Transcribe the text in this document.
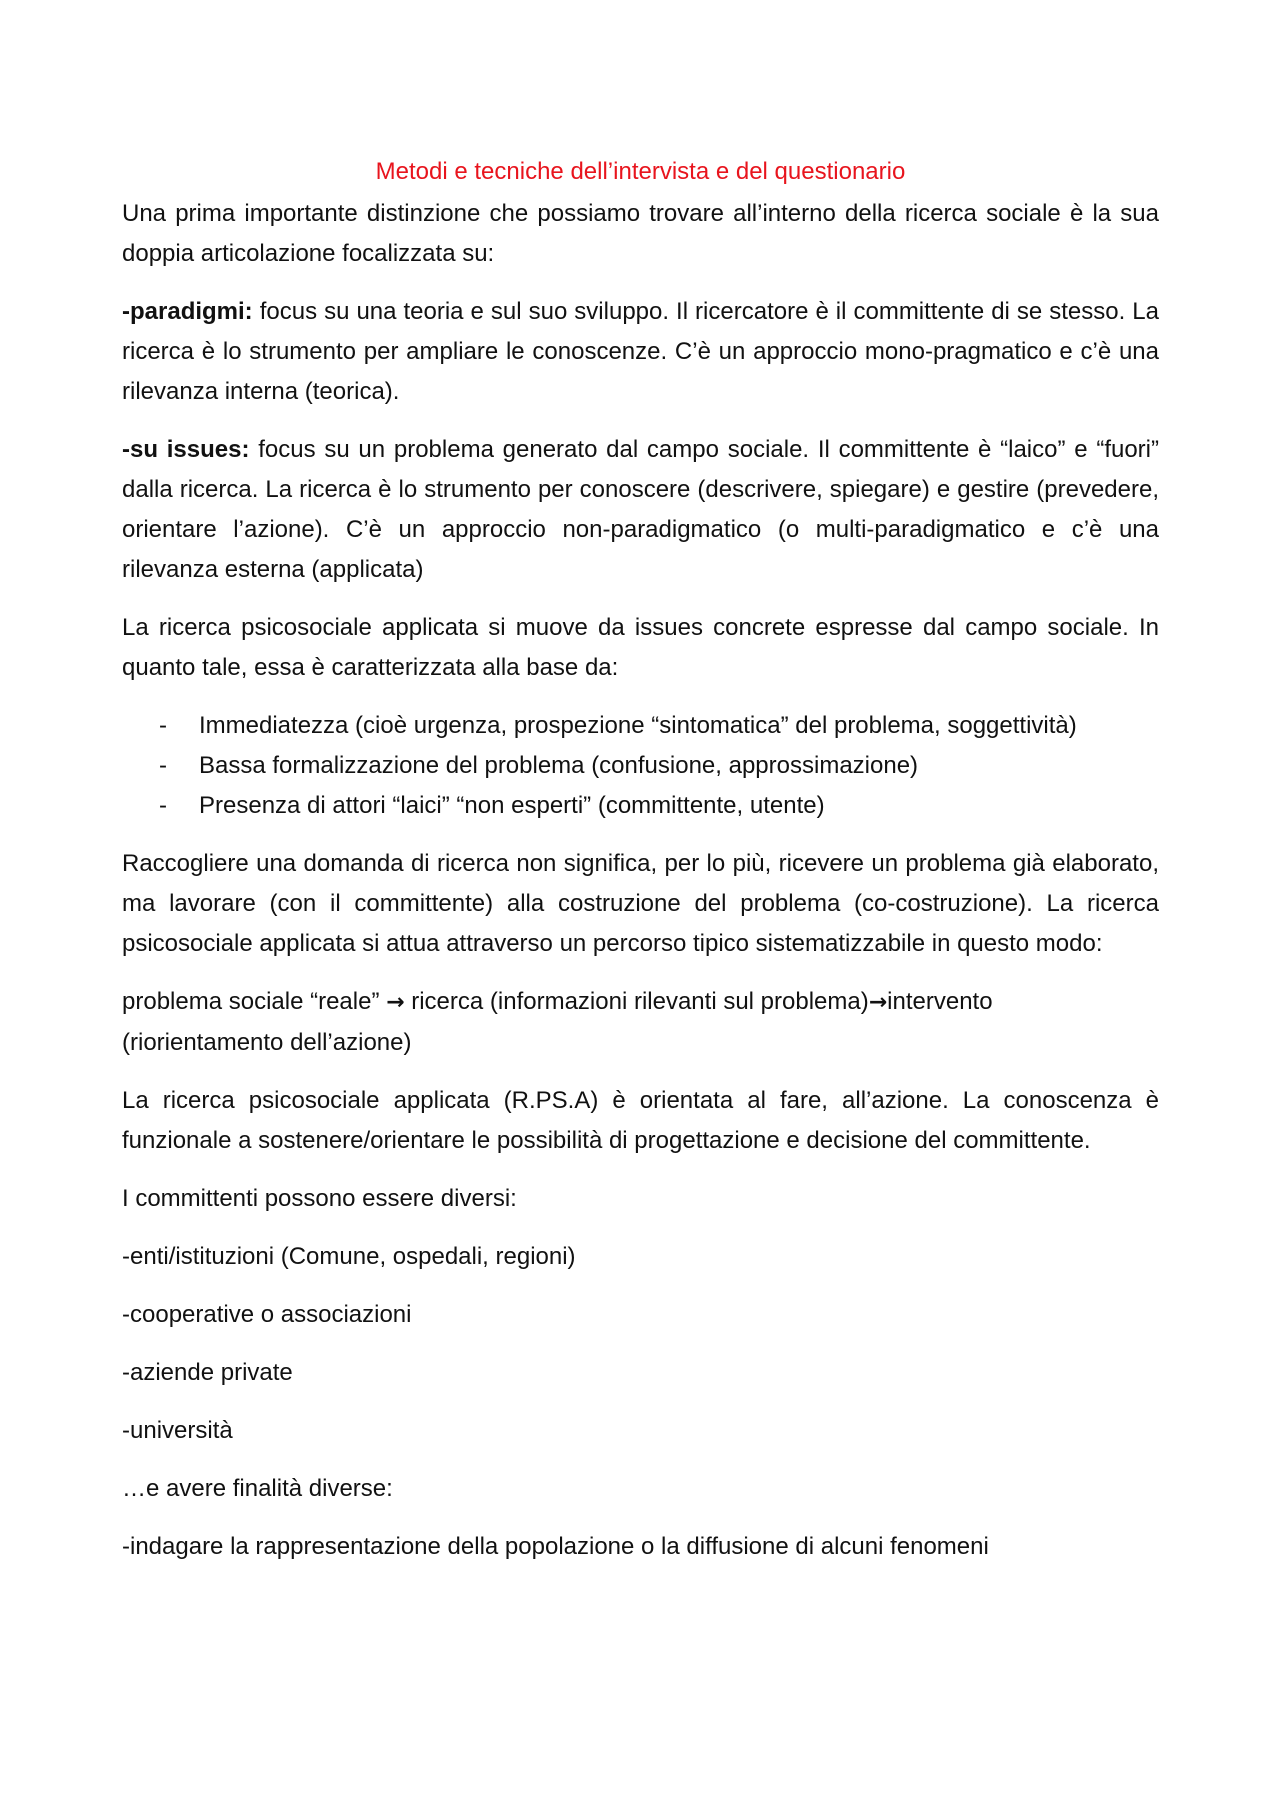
Metodi e tecniche dell’intervista e del questionario

Una prima importante distinzione che possiamo trovare all’interno della ricerca sociale è la sua doppia articolazione focalizzata su:

-paradigmi: focus su una teoria e sul suo sviluppo. Il ricercatore è il committente di se stesso. La ricerca è lo strumento per ampliare le conoscenze. C’è un approccio mono-pragmatico e c’è una rilevanza interna (teorica).

-su issues: focus su un problema generato dal campo sociale. Il committente è “laico” e “fuori” dalla ricerca. La ricerca è lo strumento per conoscere (descrivere, spiegare) e gestire (prevedere, orientare l’azione). C’è un approccio non-paradigmatico (o multi-paradigmatico e c’è una rilevanza esterna (applicata)

La ricerca psicosociale applicata si muove da issues concrete espresse dal campo sociale. In quanto tale, essa è caratterizzata alla base da:

- Immediatezza (cioè urgenza, prospezione “sintomatica” del problema, soggettività)
- Bassa formalizzazione del problema (confusione, approssimazione)
- Presenza di attori “laici” “non esperti” (committente, utente)

Raccogliere una domanda di ricerca non significa, per lo più, ricevere un problema già elaborato, ma lavorare (con il committente) alla costruzione del problema (co-costruzione). La ricerca psicosociale applicata si attua attraverso un percorso tipico sistematizzabile in questo modo:

problema sociale “reale” → ricerca (informazioni rilevanti sul problema)→intervento (riorientamento dell’azione)

La ricerca psicosociale applicata (R.PS.A) è orientata al fare, all’azione. La conoscenza è funzionale a sostenere/orientare le possibilità di progettazione e decisione del committente.

I committenti possono essere diversi:

-enti/istituzioni (Comune, ospedali, regioni)

-cooperative o associazioni

-aziende private

-università

…e avere finalità diverse:

-indagare la rappresentazione della popolazione o la diffusione di alcuni fenomeni
